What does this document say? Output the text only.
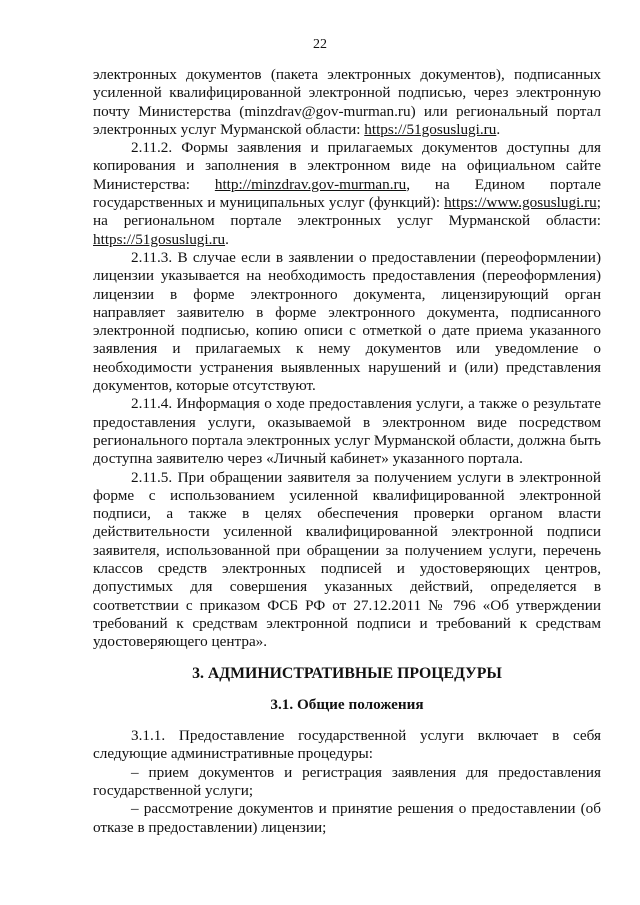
22

электронных документов (пакета электронных документов), подписанных усиленной квалифицированной электронной подписью, через электронную почту Министерства (minzdrav@gov-murman.ru) или региональный портал электронных услуг Мурманской области: https://51gosuslugi.ru.

2.11.2. Формы заявления и прилагаемых документов доступны для копирования и заполнения в электронном виде на официальном сайте Министерства: http://minzdrav.gov-murman.ru, на Едином портале государственных и муниципальных услуг (функций): https://www.gosuslugi.ru; на региональном портале электронных услуг Мурманской области: https://51gosuslugi.ru.

2.11.3. В случае если в заявлении о предоставлении (переоформлении) лицензии указывается на необходимость предоставления (переоформления) лицензии в форме электронного документа, лицензирующий орган направляет заявителю в форме электронного документа, подписанного электронной подписью, копию описи с отметкой о дате приема указанного заявления и прилагаемых к нему документов или уведомление о необходимости устранения выявленных нарушений и (или) представления документов, которые отсутствуют.

2.11.4. Информация о ходе предоставления услуги, а также о результате предоставления услуги, оказываемой в электронном виде посредством регионального портала электронных услуг Мурманской области, должна быть доступна заявителю через «Личный кабинет» указанного портала.

2.11.5. При обращении заявителя за получением услуги в электронной форме с использованием усиленной квалифицированной электронной подписи, а также в целях обеспечения проверки органом власти действительности усиленной квалифицированной электронной подписи заявителя, использованной при обращении за получением услуги, перечень классов средств электронных подписей и удостоверяющих центров, допустимых для совершения указанных действий, определяется в соответствии с приказом ФСБ РФ от 27.12.2011 № 796 «Об утверждении требований к средствам электронной подписи и требований к средствам удостоверяющего центра».

3. АДМИНИСТРАТИВНЫЕ ПРОЦЕДУРЫ

3.1. Общие положения

3.1.1. Предоставление государственной услуги включает в себя следующие административные процедуры:

– прием документов и регистрация заявления для предоставления государственной услуги;

– рассмотрение документов и принятие решения о предоставлении (об отказе в предоставлении) лицензии;
